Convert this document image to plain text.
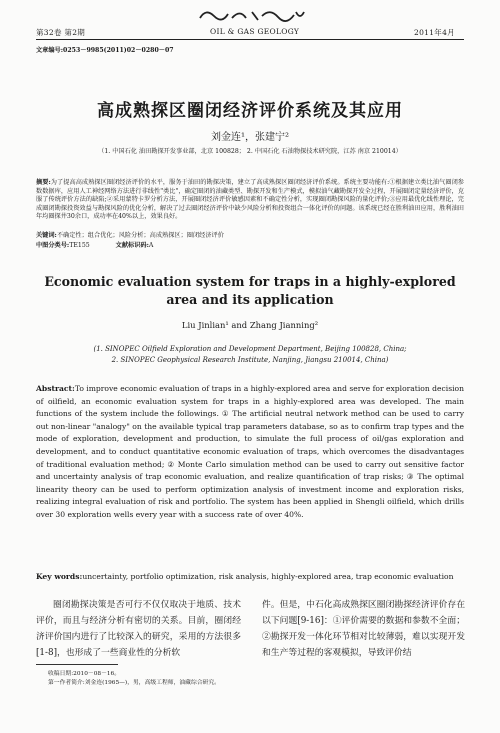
第32卷 第2期	OIL & GAS GEOLOGY	2011年4月
文章编号:0253－9985(2011)02－0280－07
高成熟探区圈闭经济评价系统及其应用
刘金连¹，张建宁²
（1. 中国石化 油田勘探开发事业部，北京 100828； 2. 中国石化 石油物探技术研究院，江苏 南京 210014）
摘要:为了提高高成熟探区圈闭经济评价的水平，服务于油田的勘探决策，建立了高成熟探区圈闭经济评价系统。系统主要功能有:①根据建立类比油气圈闭参数数据库，应用人工神经网络方法进行非线性"类比"，确定圈闭的油藏类型、勘探开发和生产模式，模拟油气藏勘探开发全过程，开展圈闭定量经济评价，克服了传统评价方法的缺陷;②采用蒙特卡罗分析方法，开展圈闭经济评价敏感因素和不确定性分析，实现圈闭勘探风险的量化评价;③应用最优化线性理论，完成圈闭勘探投资效益与勘探风险的优化分析，解决了过去圈闭经济评价中缺少风险分析和投资组合一体化评价的问题。该系统已经在胜利油田应用，胜利油田年均圈探井30余口，成功率在40%以上，效果良好。
关键词:不确定性；组合优化；风险分析；高成熟探区；圈闭经济评价
中图分类号:TE155	文献标识码:A
Economic evaluation system for traps in a highly-explored
area and its application
Liu Jinlian¹ and Zhang Jianning²
(1. SINOPEC Oilfield Exploration and Development Department, Beijing 100828, China;
2. SINOPEC Geophysical Research Institute, Nanjing, Jiangsu 210014, China)
Abstract:To improve economic evaluation of traps in a highly-explored area and serve for exploration decision of oilfield, an economic evaluation system for traps in a highly-explored area was developed. The main functions of the system include the followings. ① The artificial neutral network method can be used to carry out non-linear "analogy" on the available typical trap parameters database, so as to confirm trap types and the mode of exploration, development and production, to simulate the full process of oil/gas exploration and development, and to conduct quantitative economic evaluation of traps, which overcomes the disadvantages of traditional evaluation method; ② Monte Carlo simulation method can be used to carry out sensitive factor and uncertainty analysis of trap economic evaluation, and realize quantification of trap risks; ③ The optimal linearity theory can be used to perform optimization analysis of investment income and exploration risks, realizing integral evaluation of risk and portfolio. The system has been applied in Shengli oilfield, which drills over 30 exploration wells every year with a success rate of over 40%.
Key words:uncertainty, portfolio optimization, risk analysis, highly-explored area, trap economic evaluation
圈闭勘探决策是否可行不仅仅取决于地质、技术评价，而且与经济分析有密切的关系。目前，圈闭经济评价国内进行了比较深入的研究，采用的方法很多[1-8]，也形成了一些商业性的分析软
件。但是，中石化高成熟探区圈闭勘探经济评价存在以下问题[9-16]：①评价需要的数据和参数不全面；②勘探开发一体化环节相对比较薄弱，难以实现开发和生产等过程的客观模拟，导致评价结
收稿日期:2010－08－16。
第一作者简介:刘金连(1965—)，男，高级工程师，油藏综合研究。
